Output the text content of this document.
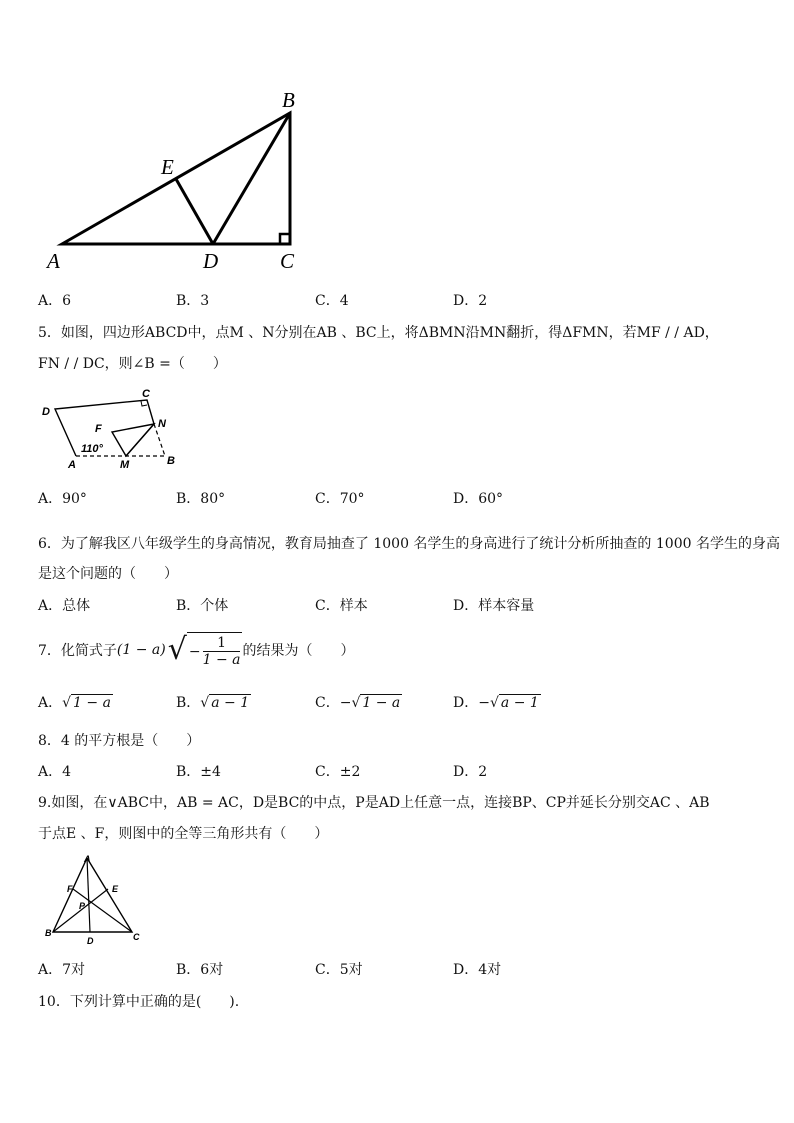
B
E
A	D	C
A．6	B．3	C．4	D．2
5．如图，四边形ABCD中，点M 、N分别在AB 、BC上，将ΔBMN沿MN翻折，得ΔFMN，若MF / / AD，
FN / / DC，则∠B =（　　）
D
C
N
F
110°
A	M	B
A．90°	B．80°	C．70°	D．60°
6．为了解我区八年级学生的身高情况，教育局抽查了 1000 名学生的身高进行了统计分析所抽查的 1000 名学生的身高
是这个问题的（　　）
A．总体	B．个体	C．样本	D．样本容量
7．化简式子 (1 − a) √ − $\frac{1}{1 - a}$ 的结果为（　　）
A．√ 1 − a	B．√ a − 1	C．−√ 1 − a	D．−√ a − 1
8．4 的平方根是（　　）
A．4	B．±4	C．±2	D．2
9.如图，在∨ABC中，AB = AC，D是BC的中点，P是AD上任意一点，连接BP、CP并延长分别交AC 、AB
于点E 、F，则图中的全等三角形共有（　　）
A
F	E
P
B
D	C
A．7对	B．6对	C．5对	D．4对
10．下列计算中正确的是(　　).
